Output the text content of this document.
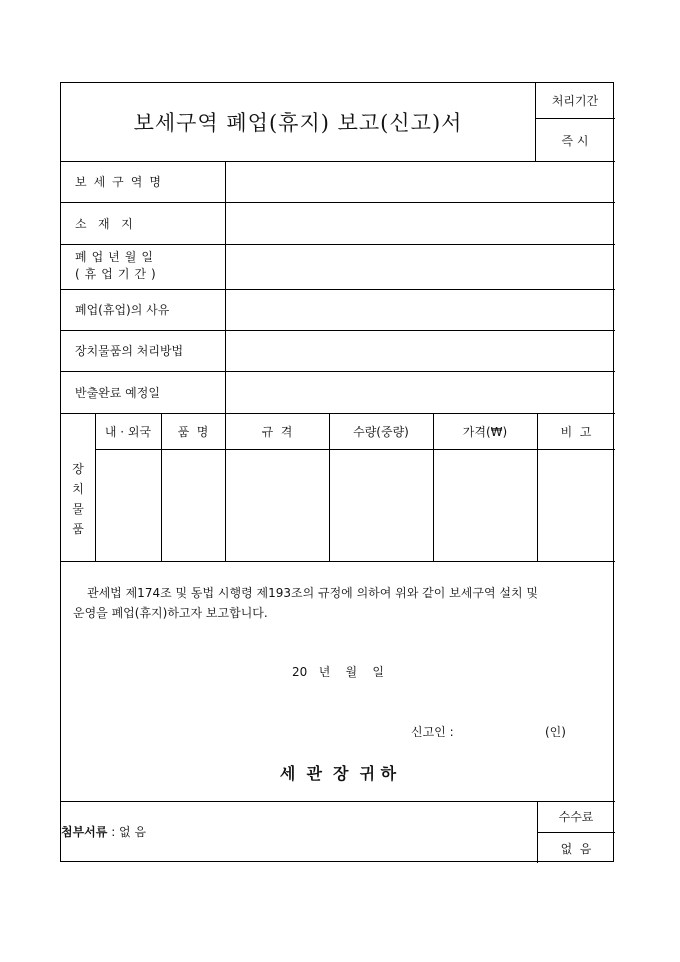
보세구역 폐업(휴지) 보고(신고)서
처리기간
즉 시
보세구역명
소   재   지
폐업년월일
(휴업기간)
폐업(휴업)의 사유
장치물품의 처리방법
반출완료 예정일
장
치
물
품
내 · 외국	품  명	규  격	수량(중량)	가격(₩)	비  고
관세법 제174조 및 동법 시행령 제193조의 규정에 의하여 위와 같이 보세구역 설치 및
운영을 폐업(휴지)하고자 보고합니다.
20   년    월    일
신고인 :	(인)
세  관  장  귀 하
첨부서류 : 없 음
수수료
없  음
